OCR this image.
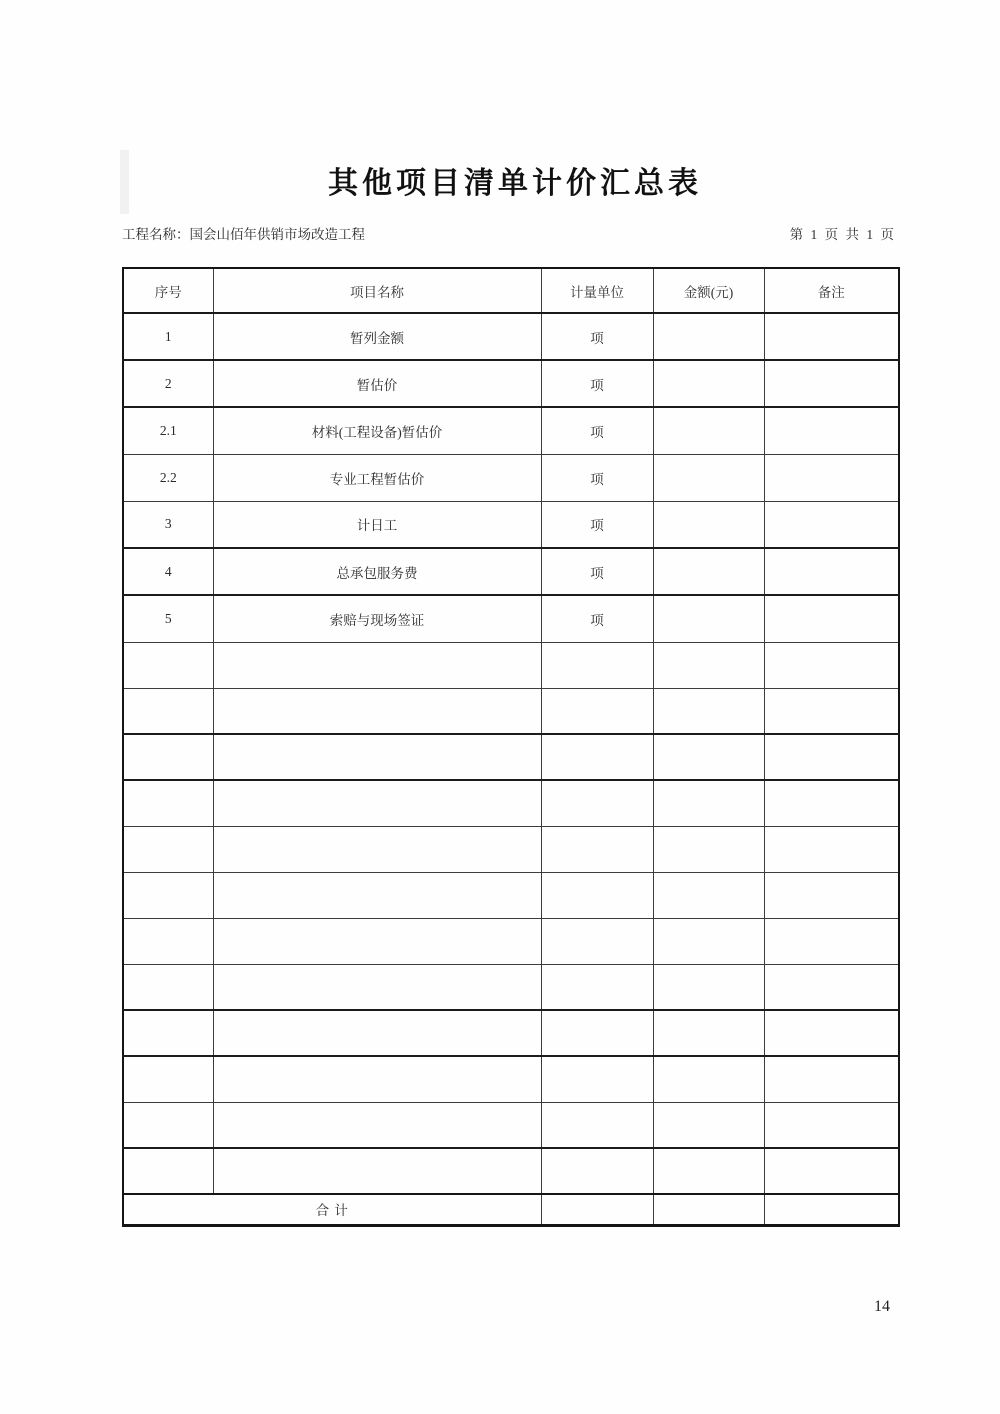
其他项目清单计价汇总表
工程名称：国会山佰年供销市场改造工程	第 1 页 共 1 页
序号	项目名称	计量单位	金额(元)	备注
1	暂列金额	项		
2	暂估价	项		
2.1	材料(工程设备)暂估价	项		
2.2	专业工程暂估价	项		
3	计日工	项		
4	总承包服务费	项		
5	索赔与现场签证	项		

合 计				
14
